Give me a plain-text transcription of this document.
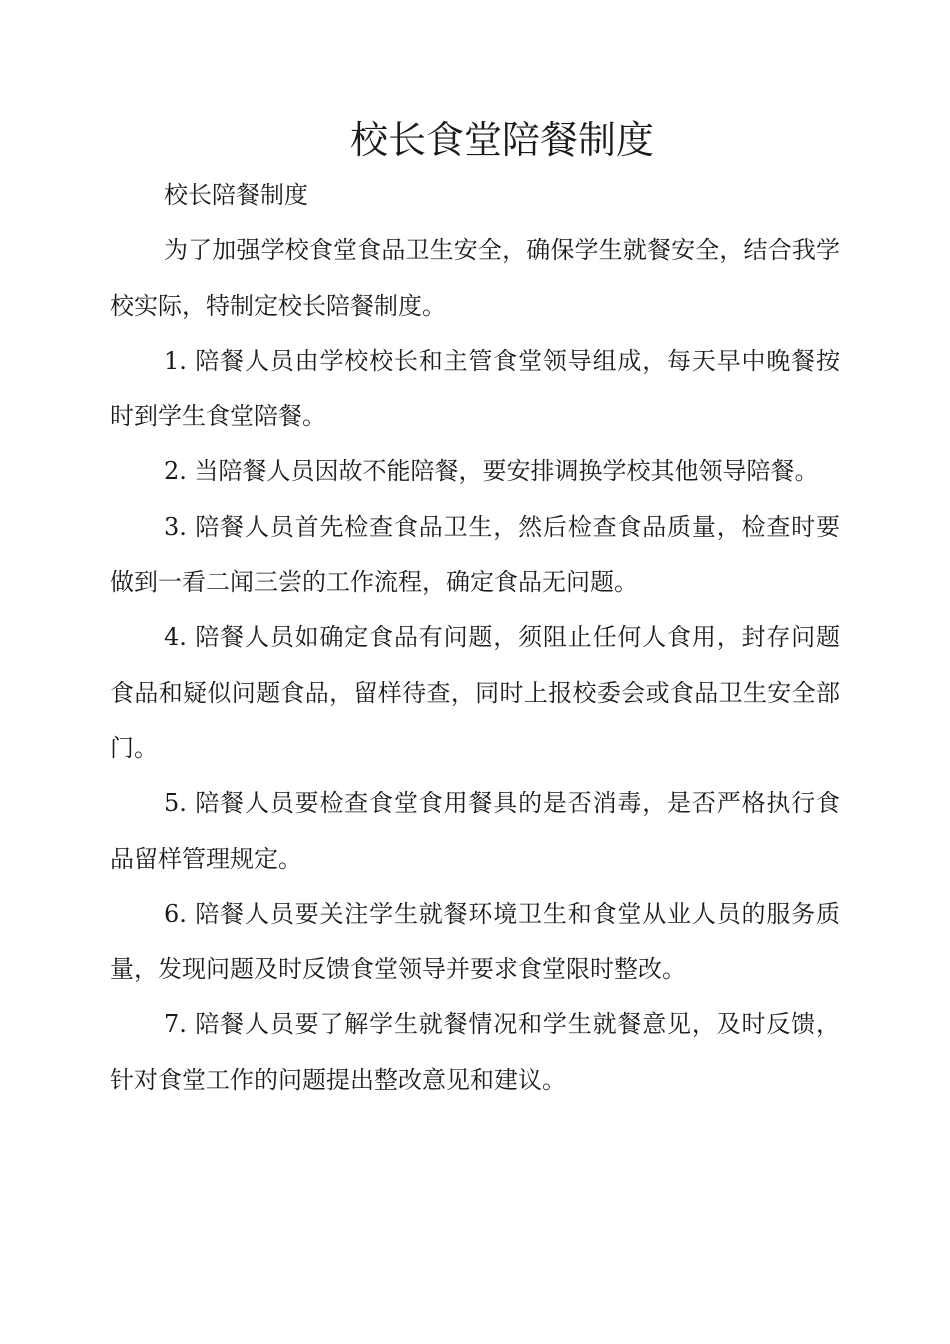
校长食堂陪餐制度

校长陪餐制度

为了加强学校食堂食品卫生安全，确保学生就餐安全，结合我学校实际，特制定校长陪餐制度。

1. 陪餐人员由学校校长和主管食堂领导组成，每天早中晚餐按时到学生食堂陪餐。

2. 当陪餐人员因故不能陪餐，要安排调换学校其他领导陪餐。

3. 陪餐人员首先检查食品卫生，然后检查食品质量，检查时要做到一看二闻三尝的工作流程，确定食品无问题。

4. 陪餐人员如确定食品有问题，须阻止任何人食用，封存问题食品和疑似问题食品，留样待查，同时上报校委会或食品卫生安全部门。

5. 陪餐人员要检查食堂食用餐具的是否消毒，是否严格执行食品留样管理规定。

6. 陪餐人员要关注学生就餐环境卫生和食堂从业人员的服务质量，发现问题及时反馈食堂领导并要求食堂限时整改。

7. 陪餐人员要了解学生就餐情况和学生就餐意见，及时反馈，针对食堂工作的问题提出整改意见和建议。
